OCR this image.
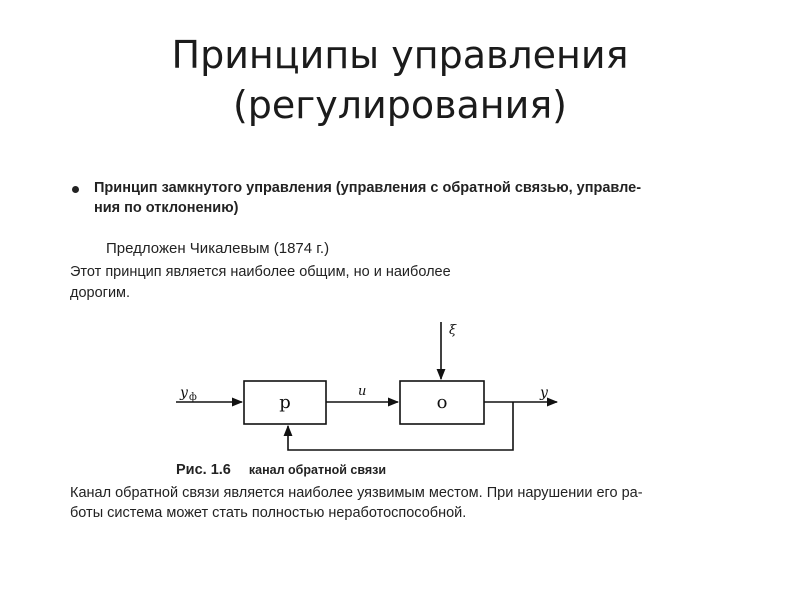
Принципы управления
(регулирования)
Принцип замкнутого управления (управления с обратной связью, управле-
ния по отклонению)
Предложен Чикалевым (1874 г.)
Этот принцип является наиболее общим, но и наиболее
дорогим.
y ф	p
u
o	y
ξ
Рис. 1.6 канал обратной связи
Канал обратной связи является наиболее уязвимым местом. При нарушении его ра-
боты система может стать полностью неработоспособной.
